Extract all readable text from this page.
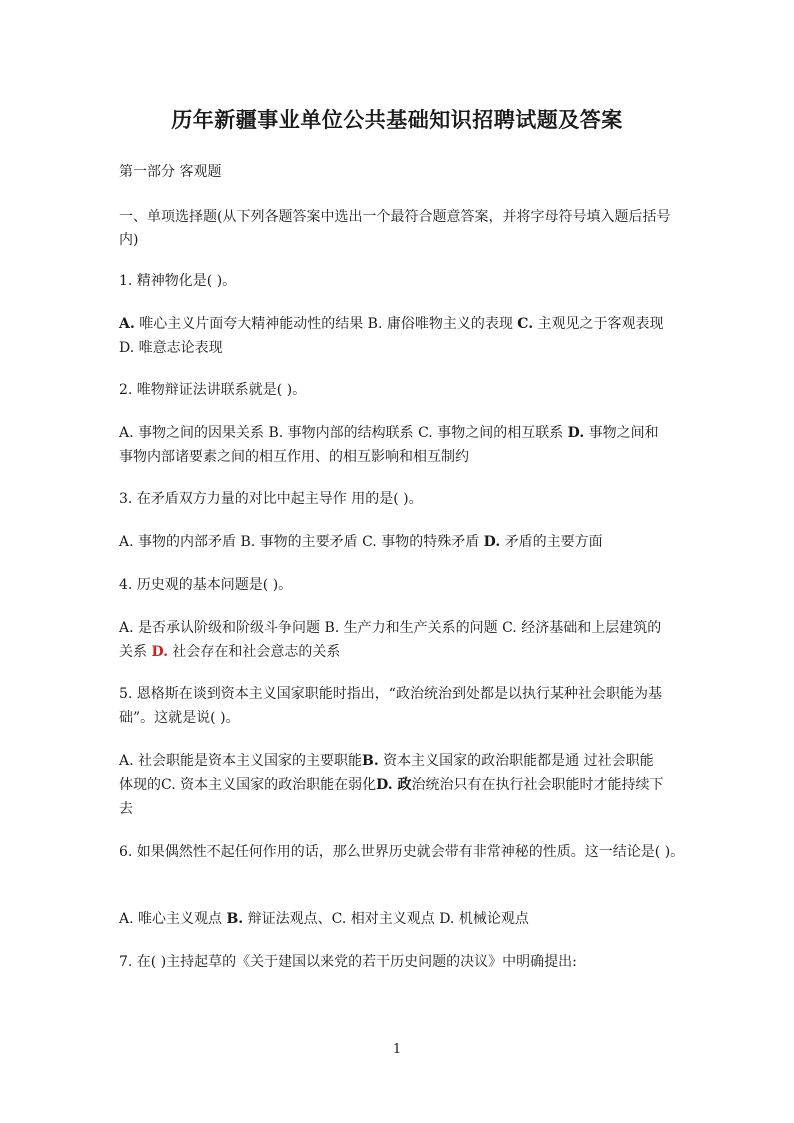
历年新疆事业单位公共基础知识招聘试题及答案
第一部分 客观题
一、单项选择题(从下列各题答案中选出一个最符合题意答案，并将字母符号填入题后括号
内)
1. 精神物化是( )。
A. 唯心主义片面夸大精神能动性的结果 B. 庸俗唯物主义的表现 C. 主观见之于客观表现
D. 唯意志论表现
2. 唯物辩证法讲联系就是( )。
A. 事物之间的因果关系 B. 事物内部的结构联系 C. 事物之间的相互联系 D. 事物之间和
事物内部诸要素之间的相互作用、的相互影响和相互制约
3. 在矛盾双方力量的对比中起主导作 用的是( )。
A. 事物的内部矛盾 B. 事物的主要矛盾 C. 事物的特殊矛盾 D. 矛盾的主要方面
4. 历史观的基本问题是( )。
A. 是否承认阶级和阶级斗争问题 B. 生产力和生产关系的问题 C. 经济基础和上层建筑的
关系 D. 社会存在和社会意志的关系
5. 恩格斯在谈到资本主义国家职能时指出，“政治统治到处都是以执行某种社会职能为基
础”。这就是说( )。
A. 社会职能是资本主义国家的主要职能B. 资本主义国家的政治职能都是通 过社会职能
体现的C. 资本主义国家的政治职能在弱化D. 政治统治只有在执行社会职能时才能持续下
去
6. 如果偶然性不起任何作用的话，那么世界历史就会带有非常神秘的性质。这一结论是( )。
A. 唯心主义观点 B. 辩证法观点、C. 相对主义观点 D. 机械论观点
7. 在( )主持起草的《关于建国以来党的若干历史问题的决议》中明确提出:
1
